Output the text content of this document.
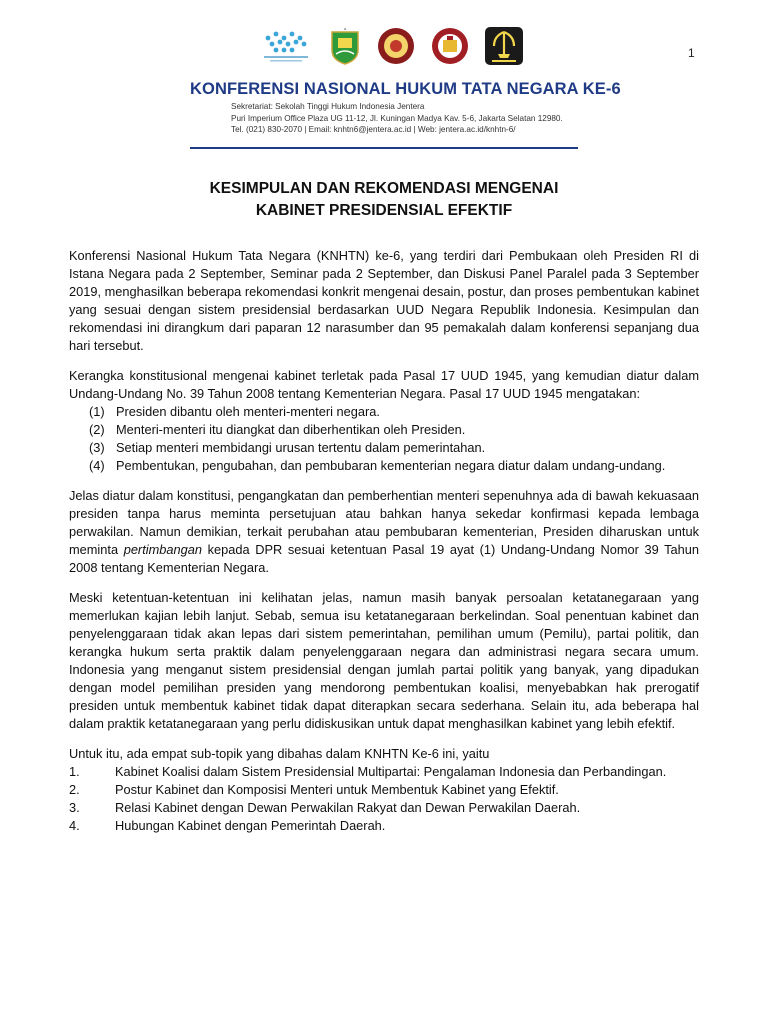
1
✦
KONFERENSI NASIONAL HUKUM TATA NEGARA KE-6
Sekretariat: Sekolah Tinggi Hukum Indonesia Jentera
Puri Imperium Office Plaza UG 11-12, Jl. Kuningan Madya Kav. 5-6, Jakarta Selatan 12980.
Tel. (021) 830-2070 | Email: knhtn6@jentera.ac.id | Web: jentera.ac.id/knhtn-6/
KESIMPULAN DAN REKOMENDASI MENGENAI
KABINET PRESIDENSIAL EFEKTIF

Konferensi Nasional Hukum Tata Negara (KNHTN) ke-6, yang terdiri dari Pembukaan oleh Presiden RI di Istana Negara pada 2 September, Seminar pada 2 September, dan Diskusi Panel Paralel pada 3 September 2019, menghasilkan beberapa rekomendasi konkrit mengenai desain, postur, dan proses pembentukan kabinet yang sesuai dengan sistem presidensial berdasarkan UUD Negara Republik Indonesia. Kesimpulan dan rekomendasi ini dirangkum dari paparan 12 narasumber dan 95 pemakalah dalam konferensi sepanjang dua hari tersebut.

Kerangka konstitusional mengenai kabinet terletak pada Pasal 17 UUD 1945, yang kemudian diatur dalam Undang-Undang No. 39 Tahun 2008 tentang Kementerian Negara. Pasal 17 UUD 1945 mengatakan:

(1) Presiden dibantu oleh menteri-menteri negara.
(2) Menteri-menteri itu diangkat dan diberhentikan oleh Presiden.
(3) Setiap menteri membidangi urusan tertentu dalam pemerintahan.
(4) Pembentukan, pengubahan, dan pembubaran kementerian negara diatur dalam undang-undang.

Jelas diatur dalam konstitusi, pengangkatan dan pemberhentian menteri sepenuhnya ada di bawah kekuasaan presiden tanpa harus meminta persetujuan atau bahkan hanya sekedar konfirmasi kepada lembaga perwakilan. Namun demikian, terkait perubahan atau pembubaran kementerian, Presiden diharuskan untuk meminta pertimbangan kepada DPR sesuai ketentuan Pasal 19 ayat (1) Undang-Undang Nomor 39 Tahun 2008 tentang Kementerian Negara.

Meski ketentuan-ketentuan ini kelihatan jelas, namun masih banyak persoalan ketatanegaraan yang memerlukan kajian lebih lanjut. Sebab, semua isu ketatanegaraan berkelindan. Soal penentuan kabinet dan penyelenggaraan tidak akan lepas dari sistem pemerintahan, pemilihan umum (Pemilu), partai politik, dan kerangka hukum serta praktik dalam penyelenggaraan negara dan administrasi negara secara umum. Indonesia yang menganut sistem presidensial dengan jumlah partai politik yang banyak, yang dipadukan dengan model pemilihan presiden yang mendorong pembentukan koalisi, menyebabkan hak prerogatif presiden untuk membentuk kabinet tidak dapat diterapkan secara sederhana. Selain itu, ada beberapa hal dalam praktik ketatanegaraan yang perlu didiskusikan untuk dapat menghasilkan kabinet yang lebih efektif.

Untuk itu, ada empat sub-topik yang dibahas dalam KNHTN Ke-6 ini, yaitu

1.	Kabinet Koalisi dalam Sistem Presidensial Multipartai: Pengalaman Indonesia dan Perbandingan.
2.	Postur Kabinet dan Komposisi Menteri untuk Membentuk Kabinet yang Efektif.
3.	Relasi Kabinet dengan Dewan Perwakilan Rakyat dan Dewan Perwakilan Daerah.
4.	Hubungan Kabinet dengan Pemerintah Daerah.
